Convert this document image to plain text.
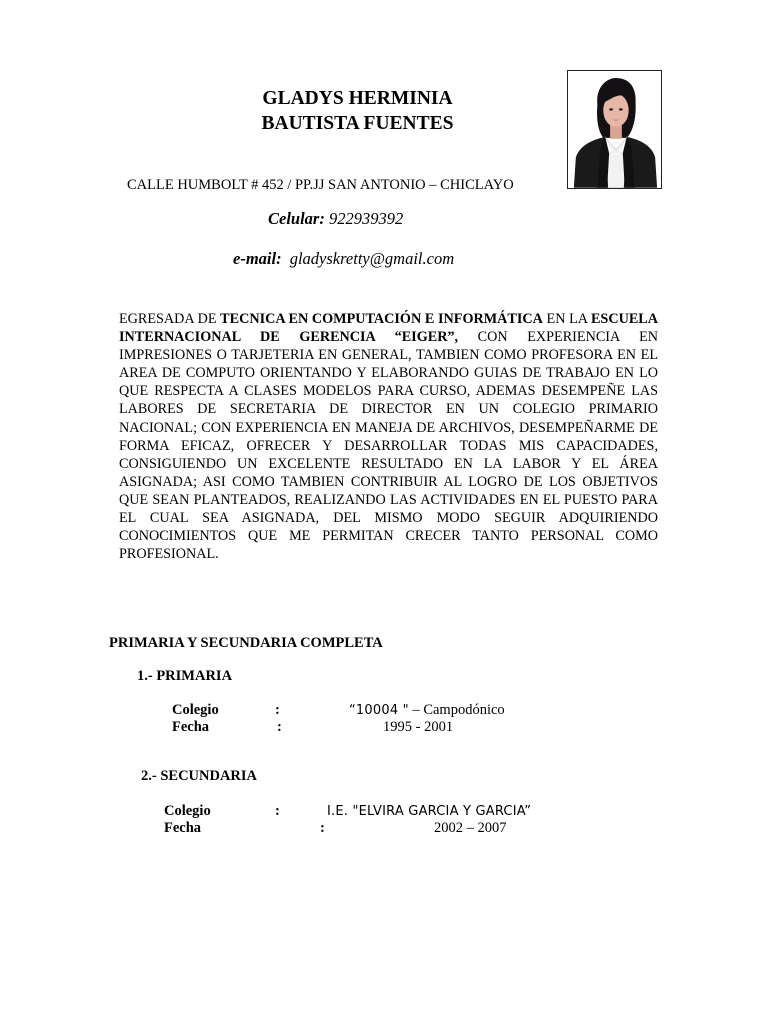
GLADYS HERMINIA
BAUTISTA FUENTES
CALLE HUMBOLT # 452 / PP.JJ SAN ANTONIO – CHICLAYO
Celular: 922939392
e-mail: gladyskretty@gmail.com
EGRESADA DE TECNICA EN COMPUTACIÓN E INFORMÁTICA EN LA ESCUELA INTERNACIONAL DE GERENCIA “EIGER”, CON EXPERIENCIA EN IMPRESIONES O TARJETERIA EN GENERAL, TAMBIEN COMO PROFESORA EN EL AREA DE COMPUTO ORIENTANDO Y ELABORANDO GUIAS DE TRABAJO EN LO QUE RESPECTA A CLASES MODELOS PARA CURSO, ADEMAS DESEMPEÑE LAS LABORES DE SECRETARIA DE DIRECTOR EN UN COLEGIO PRIMARIO NACIONAL; CON EXPERIENCIA EN MANEJA DE ARCHIVOS, DESEMPEÑARME DE FORMA EFICAZ, OFRECER Y DESARROLLAR TODAS MIS CAPACIDADES, CONSIGUIENDO UN EXCELENTE RESULTADO EN LA LABOR Y EL ÁREA ASIGNADA; ASI COMO TAMBIEN CONTRIBUIR AL LOGRO DE LOS OBJETIVOS QUE SEAN PLANTEADOS, REALIZANDO LAS ACTIVIDADES EN EL PUESTO PARA EL CUAL SEA ASIGNADA, DEL MISMO MODO SEGUIR ADQUIRIENDO CONOCIMIENTOS QUE ME PERMITAN CRECER TANTO PERSONAL COMO PROFESIONAL.
PRIMARIA Y SECUNDARIA COMPLETA
1.- PRIMARIA
Colegio	:	“10004 " – Campodónico
Fecha	:	1995 - 2001
2.- SECUNDARIA
Colegio	:	I.E. "ELVIRA GARCIA Y GARCIA”
Fecha	:	2002 – 2007
